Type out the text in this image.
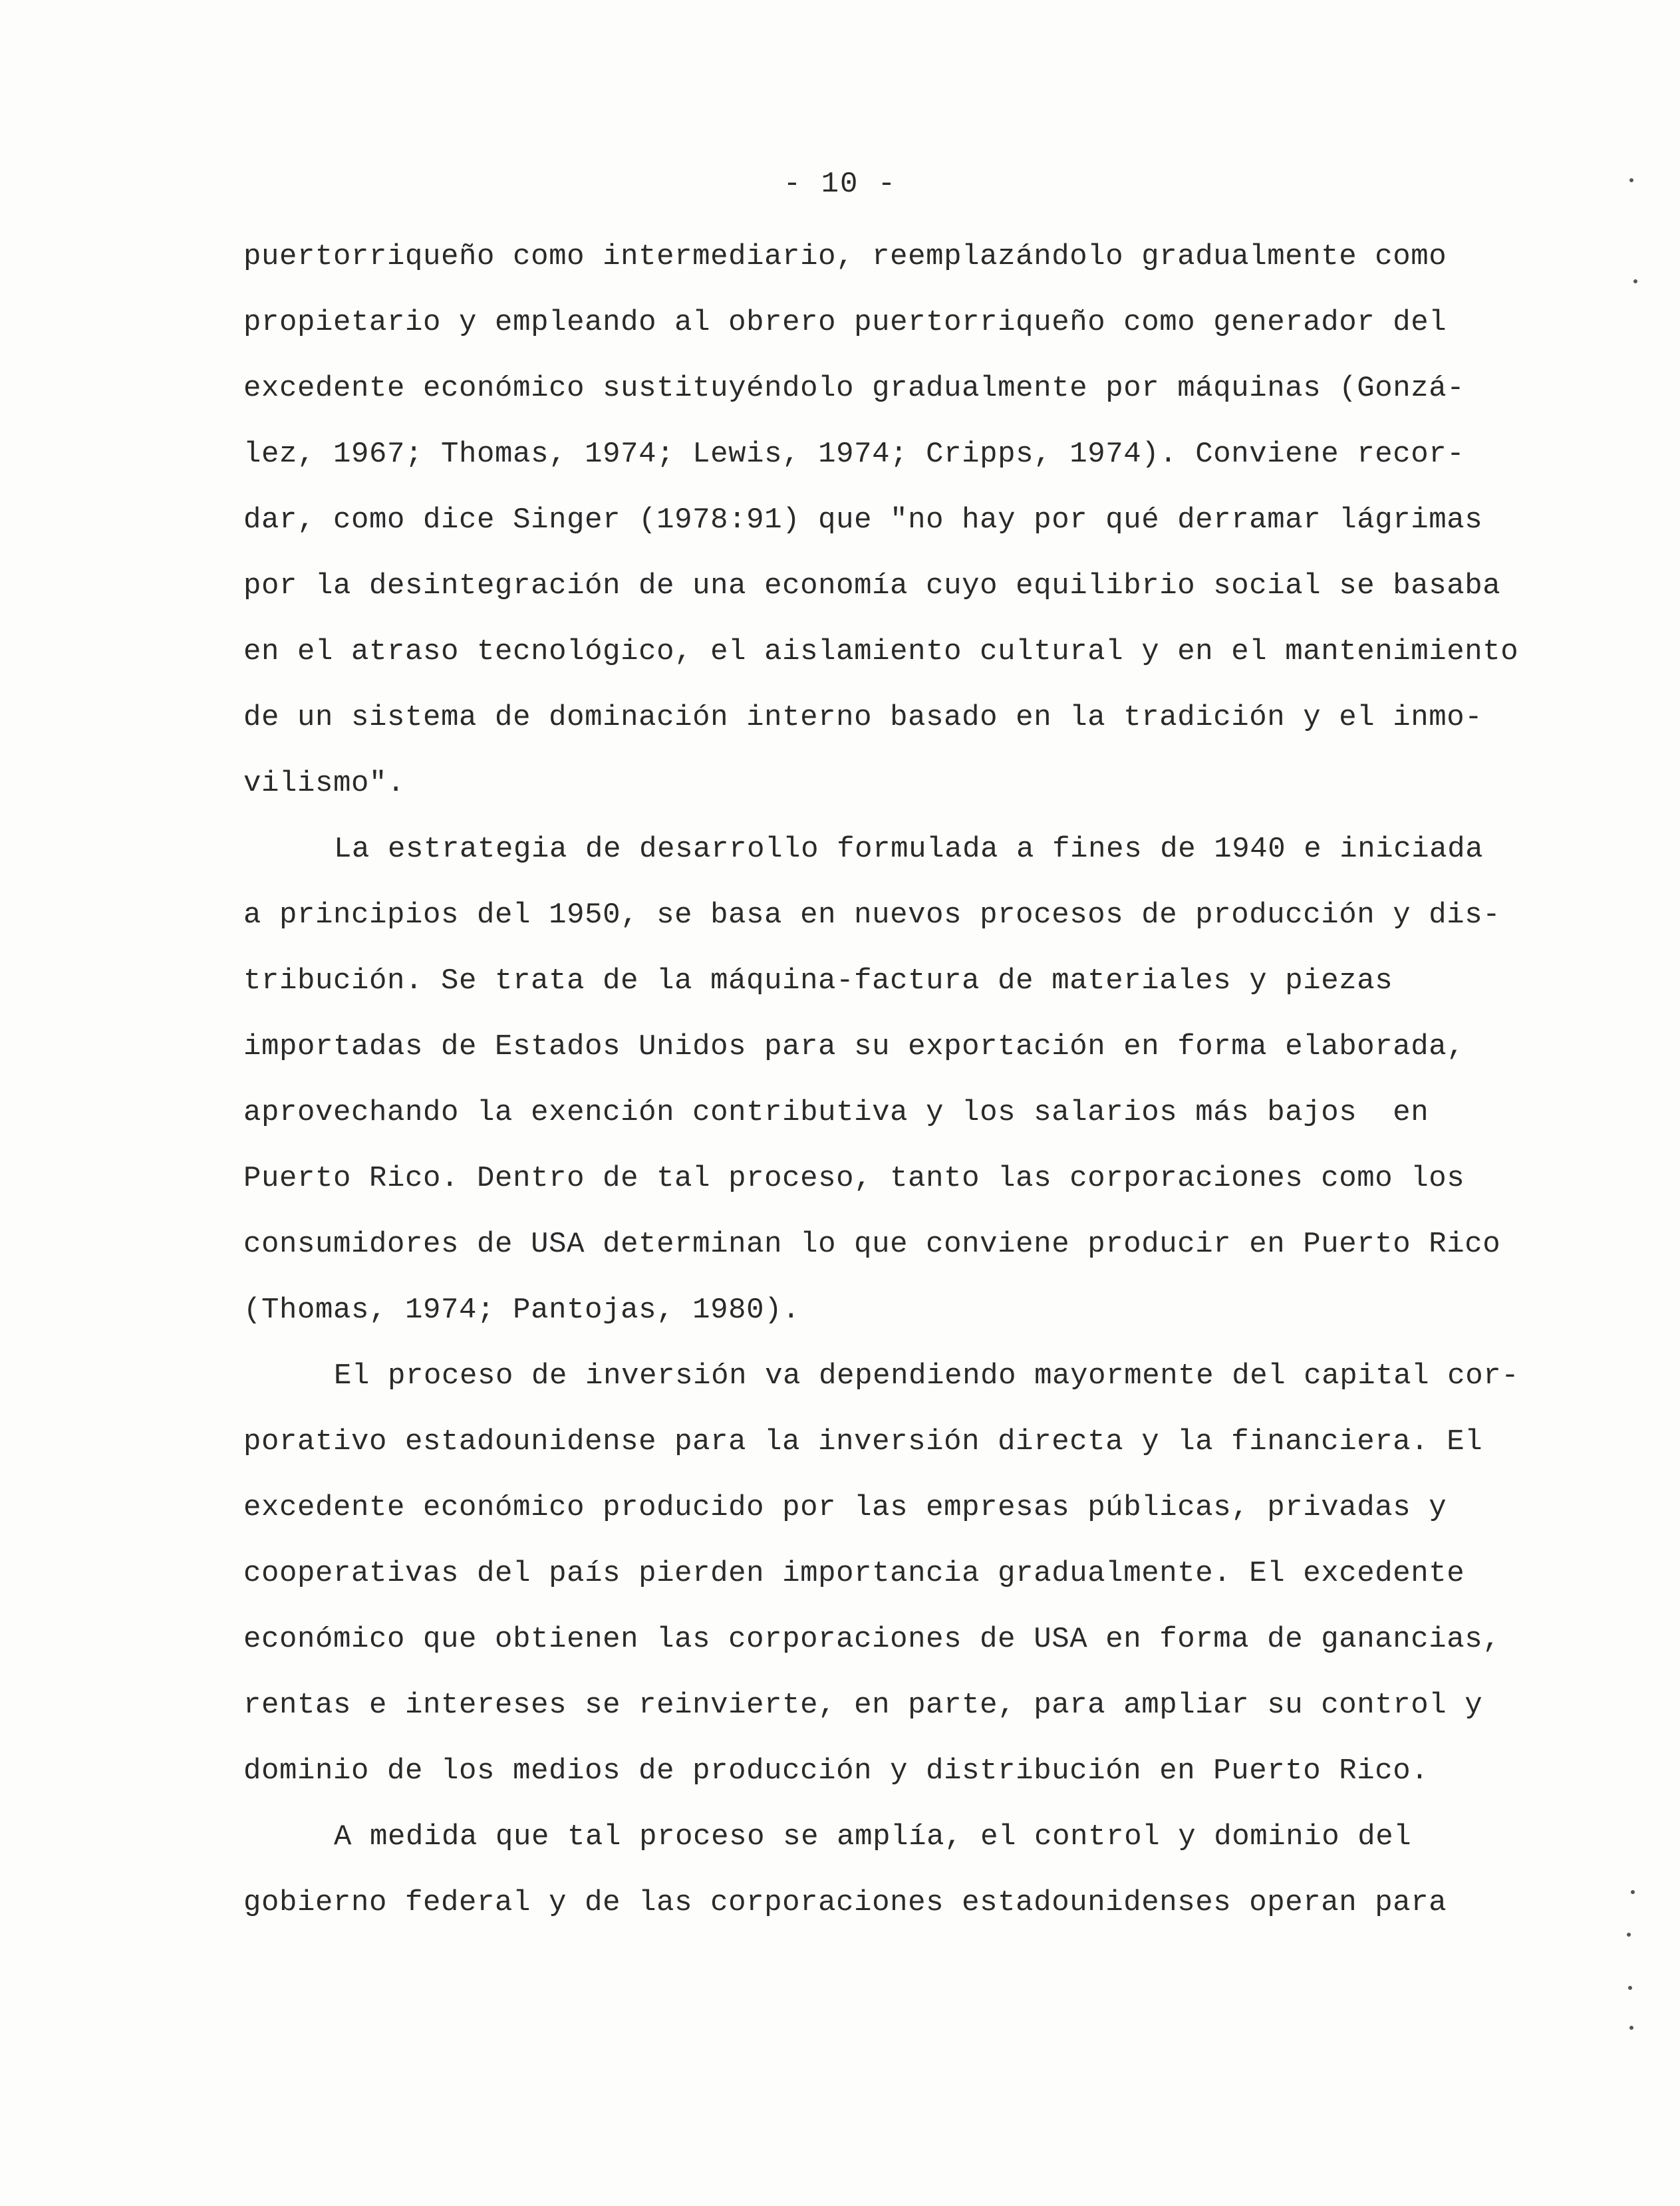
- 10 -
puertorriqueño como intermediario, reemplazándolo gradualmente como
propietario y empleando al obrero puertorriqueño como generador del
excedente económico sustituyéndolo gradualmente por máquinas (Gonzá-
lez, 1967; Thomas, 1974; Lewis, 1974; Cripps, 1974). Conviene recor-
dar, como dice Singer (1978:91) que "no hay por qué derramar lágrimas
por la desintegración de una economía cuyo equilibrio social se basaba
en el atraso tecnológico, el aislamiento cultural y en el mantenimiento
de un sistema de dominación interno basado en la tradición y el inmo-
vilismo".
La estrategia de desarrollo formulada a fines de 1940 e iniciada
a principios del 1950, se basa en nuevos procesos de producción y dis-
tribución. Se trata de la máquina-factura de materiales y piezas
importadas de Estados Unidos para su exportación en forma elaborada,
aprovechando la exención contributiva y los salarios más bajos  en
Puerto Rico. Dentro de tal proceso, tanto las corporaciones como los
consumidores de USA determinan lo que conviene producir en Puerto Rico
(Thomas, 1974; Pantojas, 1980).
El proceso de inversión va dependiendo mayormente del capital cor-
porativo estadounidense para la inversión directa y la financiera. El
excedente económico producido por las empresas públicas, privadas y
cooperativas del país pierden importancia gradualmente. El excedente
económico que obtienen las corporaciones de USA en forma de ganancias,
rentas e intereses se reinvierte, en parte, para ampliar su control y
dominio de los medios de producción y distribución en Puerto Rico.
A medida que tal proceso se amplía, el control y dominio del
gobierno federal y de las corporaciones estadounidenses operan para
